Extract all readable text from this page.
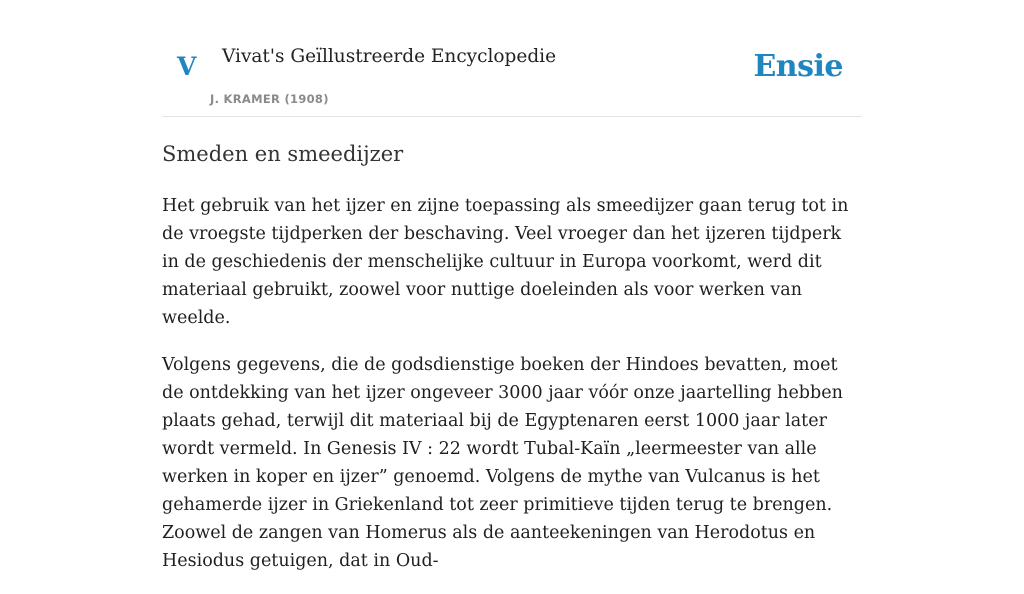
V Vivat's Geïllustreerde Encyclopedie
J. KRAMER (1908)
Ensie
Smeden en smeedijzer

Het gebruik van het ijzer en zijne toepassing als smeedijzer gaan terug tot in de vroegste tijdperken der beschaving. Veel vroeger dan het ijzeren tijdperk in de geschiedenis der menschelijke cultuur in Europa voorkomt, werd dit materiaal gebruikt, zoowel voor nuttige doeleinden als voor werken van weelde.

Volgens gegevens, die de godsdienstige boeken der Hindoes bevatten, moet de ontdekking van het ijzer ongeveer 3000 jaar vóór onze jaartelling hebben plaats gehad, terwijl dit materiaal bij de Egyptenaren eerst 1000 jaar later wordt vermeld. In Genesis IV : 22 wordt Tubal-Kaïn „leermeester van alle werken in koper en ijzer” genoemd. Volgens de mythe van Vulcanus is het gehamerde ijzer in Griekenland tot zeer primitieve tijden terug te brengen. Zoowel de zangen van Homerus als de aanteekeningen van Herodotus en Hesiodus getuigen, dat in Oud-
